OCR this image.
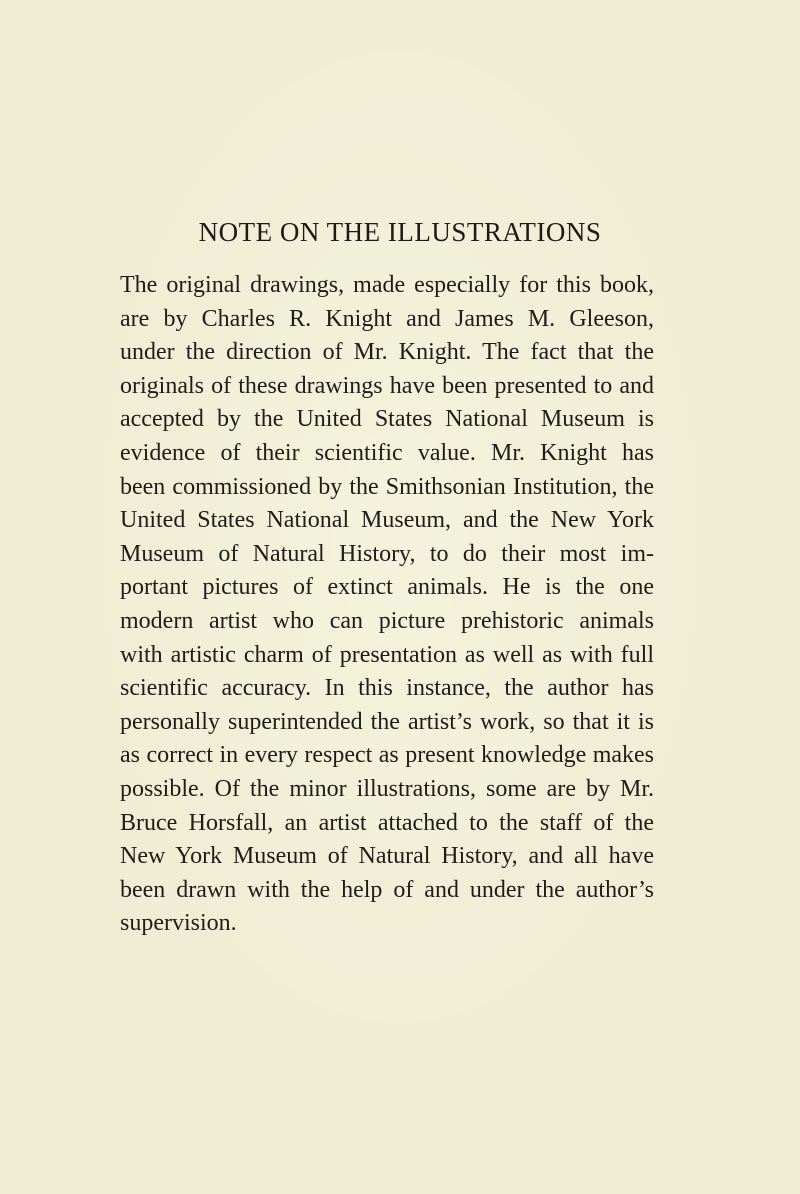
NOTE ON THE ILLUSTRATIONS
The original drawings, made especially for this book,
are by Charles R. Knight and James M. Gleeson,
under the direction of Mr. Knight. The fact that the
originals of these drawings have been presented to and
accepted by the United States National Museum is
evidence of their scientific value. Mr. Knight has
been commissioned by the Smithsonian Institution, the
United States National Museum, and the New York
Museum of Natural History, to do their most im-
portant pictures of extinct animals. He is the one
modern artist who can picture prehistoric animals
with artistic charm of presentation as well as with full
scientific accuracy. In this instance, the author has
personally superintended the artist’s work, so that it is
as correct in every respect as present knowledge makes
possible. Of the minor illustrations, some are by Mr.
Bruce Horsfall, an artist attached to the staff of the
New York Museum of Natural History, and all have
been drawn with the help of and under the author’s
supervision.
